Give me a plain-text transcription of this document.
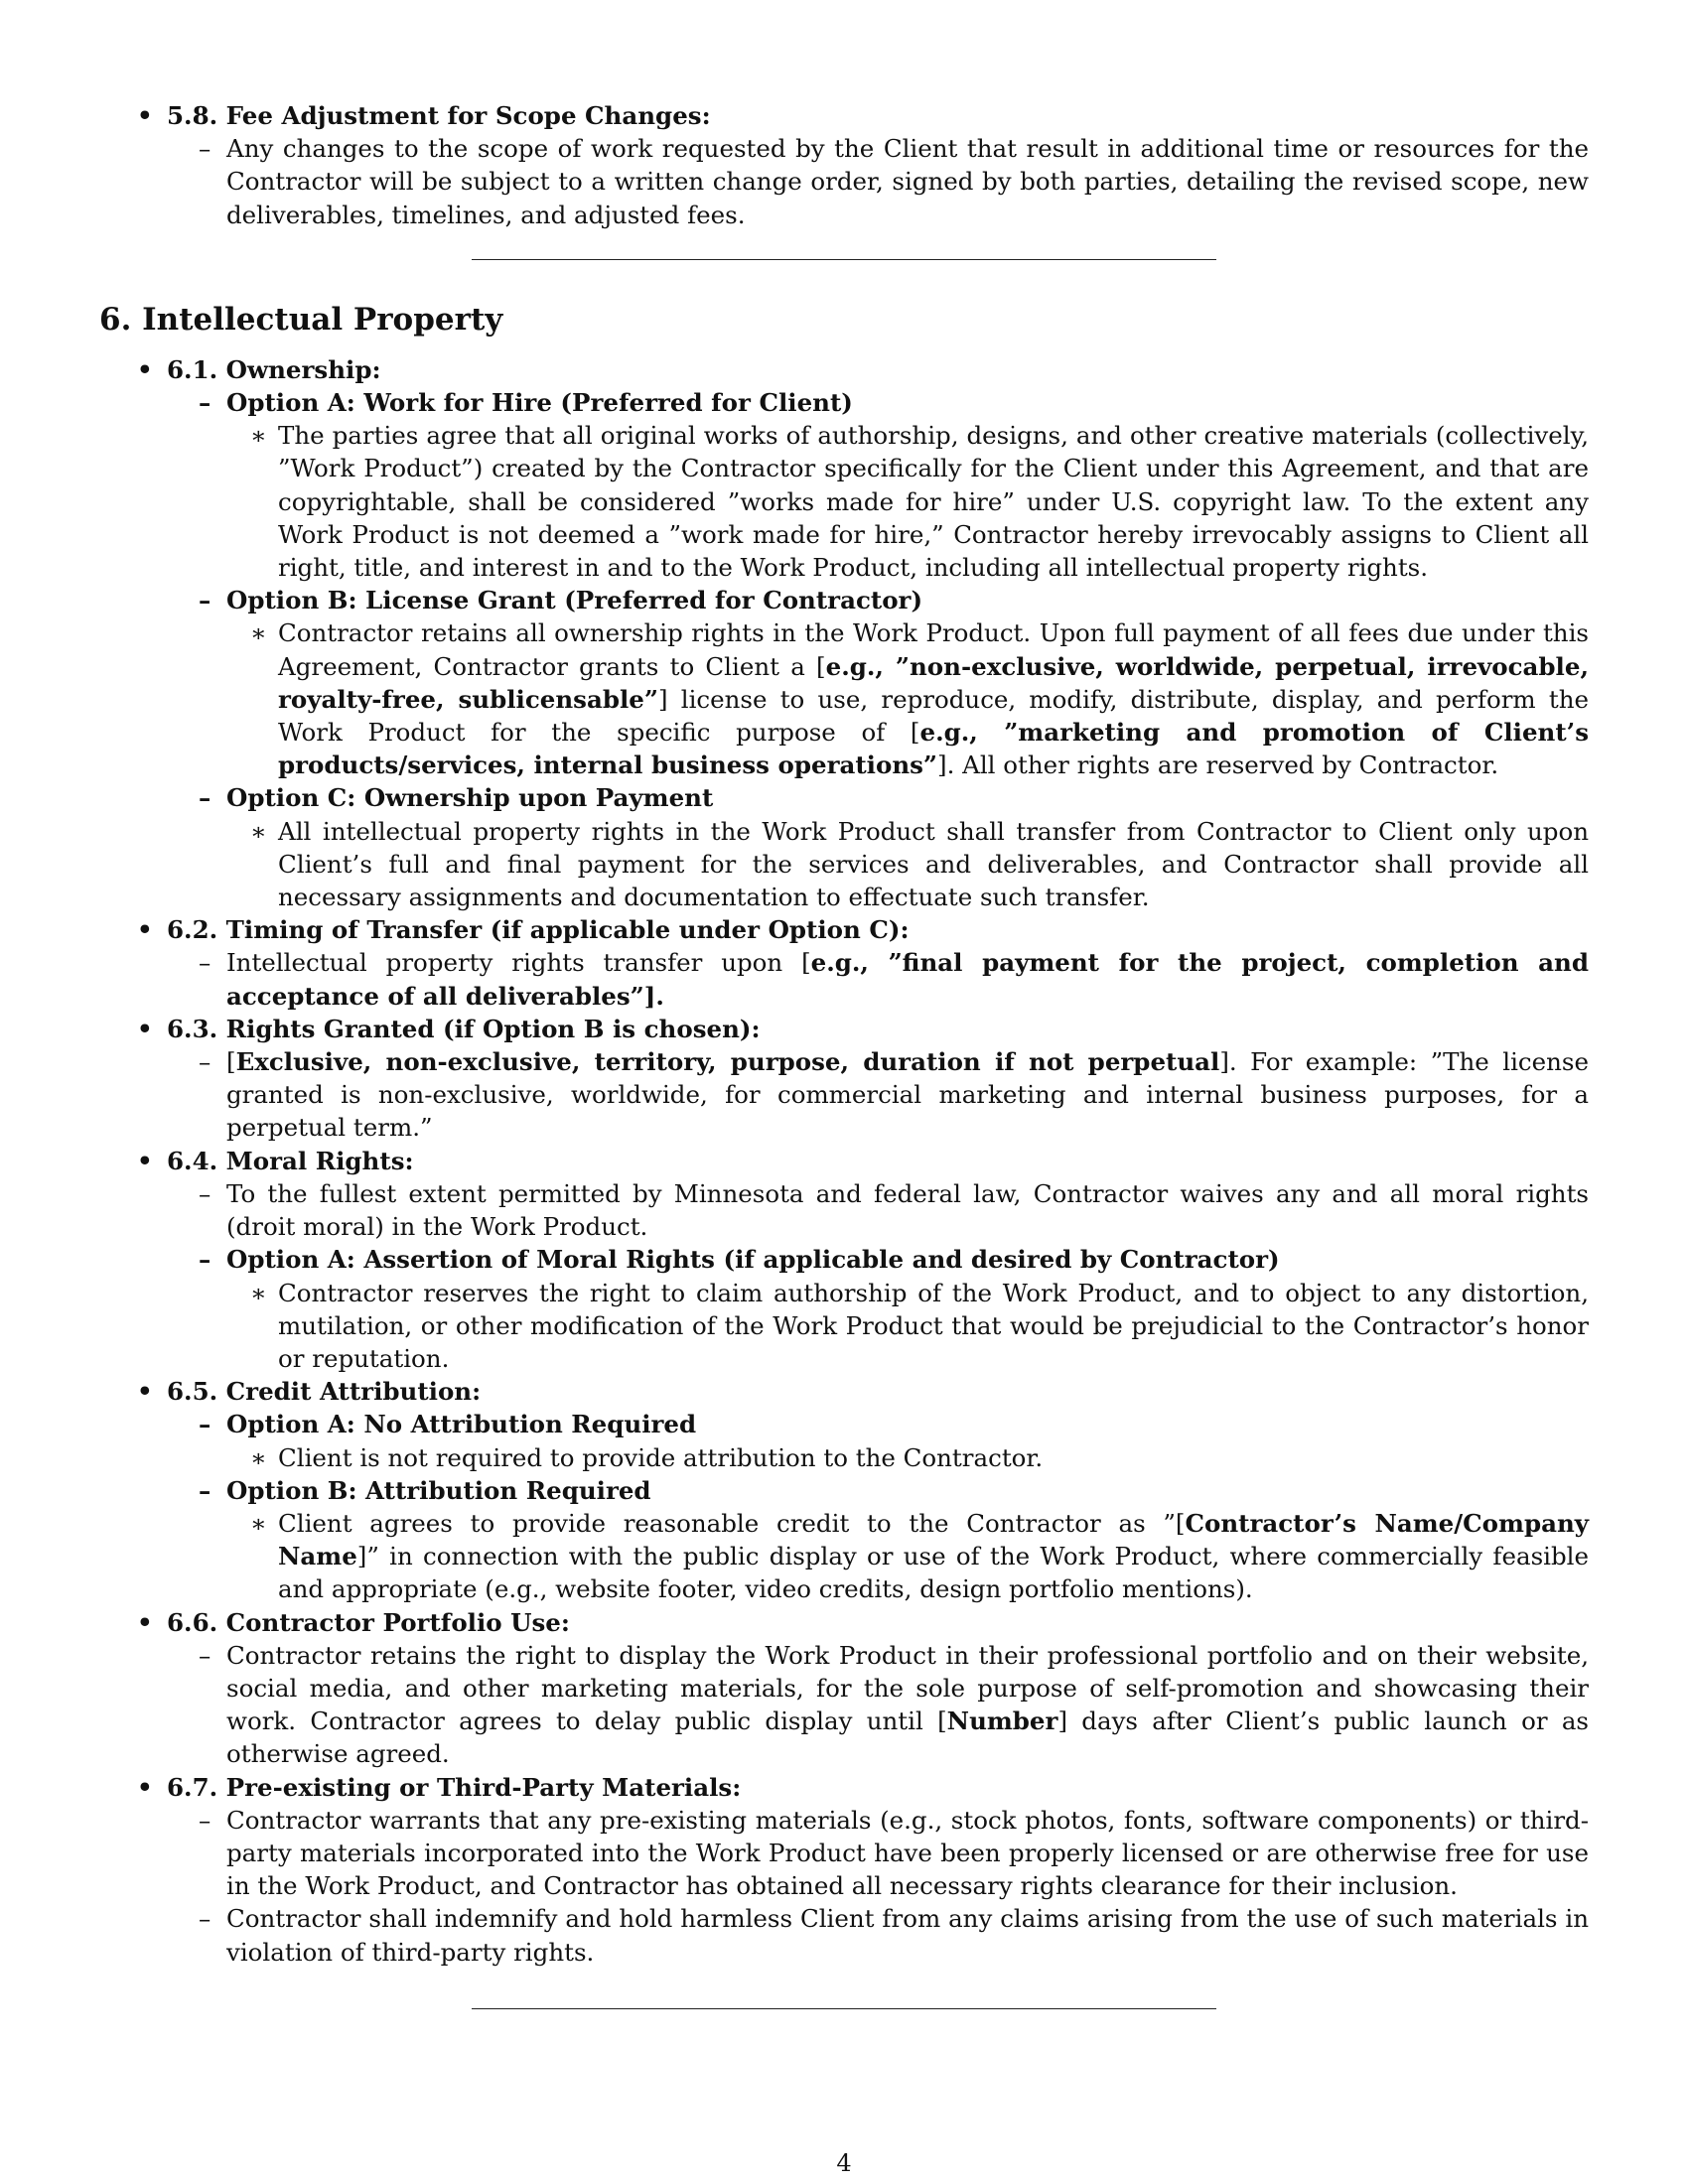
• 5.8. Fee Adjustment for Scope Changes:
– Any changes to the scope of work requested by the Client that result in additional time or resources for the Contractor will be subject to a written change order, signed by both parties, detailing the revised scope, new deliverables, timelines, and adjusted fees.
6. Intellectual Property
• 6.1. Ownership:
– Option A: Work for Hire (Preferred for Client)
∗ The parties agree that all original works of authorship, designs, and other creative materials (collectively, ”Work Product”) created by the Contractor specifically for the Client under this Agreement, and that are copyrightable, shall be considered ”works made for hire” under U.S. copyright law. To the extent any Work Product is not deemed a ”work made for hire,” Contractor hereby irrevocably assigns to Client all right, title, and interest in and to the Work Product, including all intellectual property rights.
– Option B: License Grant (Preferred for Contractor)
∗ Contractor retains all ownership rights in the Work Product. Upon full payment of all fees due under this Agreement, Contractor grants to Client a [e.g., ”non-exclusive, worldwide, perpetual, irrevocable, royalty-free, sublicensable”] license to use, reproduce, modify, distribute, display, and perform the Work Product for the specific purpose of [e.g., ”marketing and promotion of Client’s products/services, internal business operations”]. All other rights are reserved by Contractor.
– Option C: Ownership upon Payment
∗ All intellectual property rights in the Work Product shall transfer from Contractor to Client only upon Client’s full and final payment for the services and deliverables, and Contractor shall provide all necessary assignments and documentation to effectuate such transfer.
• 6.2. Timing of Transfer (if applicable under Option C):
– Intellectual property rights transfer upon [e.g., ”final payment for the project, completion and acceptance of all deliverables”].
• 6.3. Rights Granted (if Option B is chosen):
– [Exclusive, non-exclusive, territory, purpose, duration if not perpetual]. For example: ”The license granted is non-exclusive, worldwide, for commercial marketing and internal business purposes, for a perpetual term.”
• 6.4. Moral Rights:
– To the fullest extent permitted by Minnesota and federal law, Contractor waives any and all moral rights (droit moral) in the Work Product.
– Option A: Assertion of Moral Rights (if applicable and desired by Contractor)
∗ Contractor reserves the right to claim authorship of the Work Product, and to object to any distortion, mutilation, or other modification of the Work Product that would be prejudicial to the Contractor’s honor or reputation.
• 6.5. Credit Attribution:
– Option A: No Attribution Required
∗ Client is not required to provide attribution to the Contractor.
– Option B: Attribution Required
∗ Client agrees to provide reasonable credit to the Contractor as ”[Contractor’s Name/Company Name]” in connection with the public display or use of the Work Product, where commercially feasible and appropriate (e.g., website footer, video credits, design portfolio mentions).
• 6.6. Contractor Portfolio Use:
– Contractor retains the right to display the Work Product in their professional portfolio and on their website, social media, and other marketing materials, for the sole purpose of self-promotion and showcasing their work. Contractor agrees to delay public display until [Number] days after Client’s public launch or as otherwise agreed.
• 6.7. Pre-existing or Third-Party Materials:
– Contractor warrants that any pre-existing materials (e.g., stock photos, fonts, software components) or third-party materials incorporated into the Work Product have been properly licensed or are otherwise free for use in the Work Product, and Contractor has obtained all necessary rights clearance for their inclusion.
– Contractor shall indemnify and hold harmless Client from any claims arising from the use of such materials in violation of third-party rights.
4
